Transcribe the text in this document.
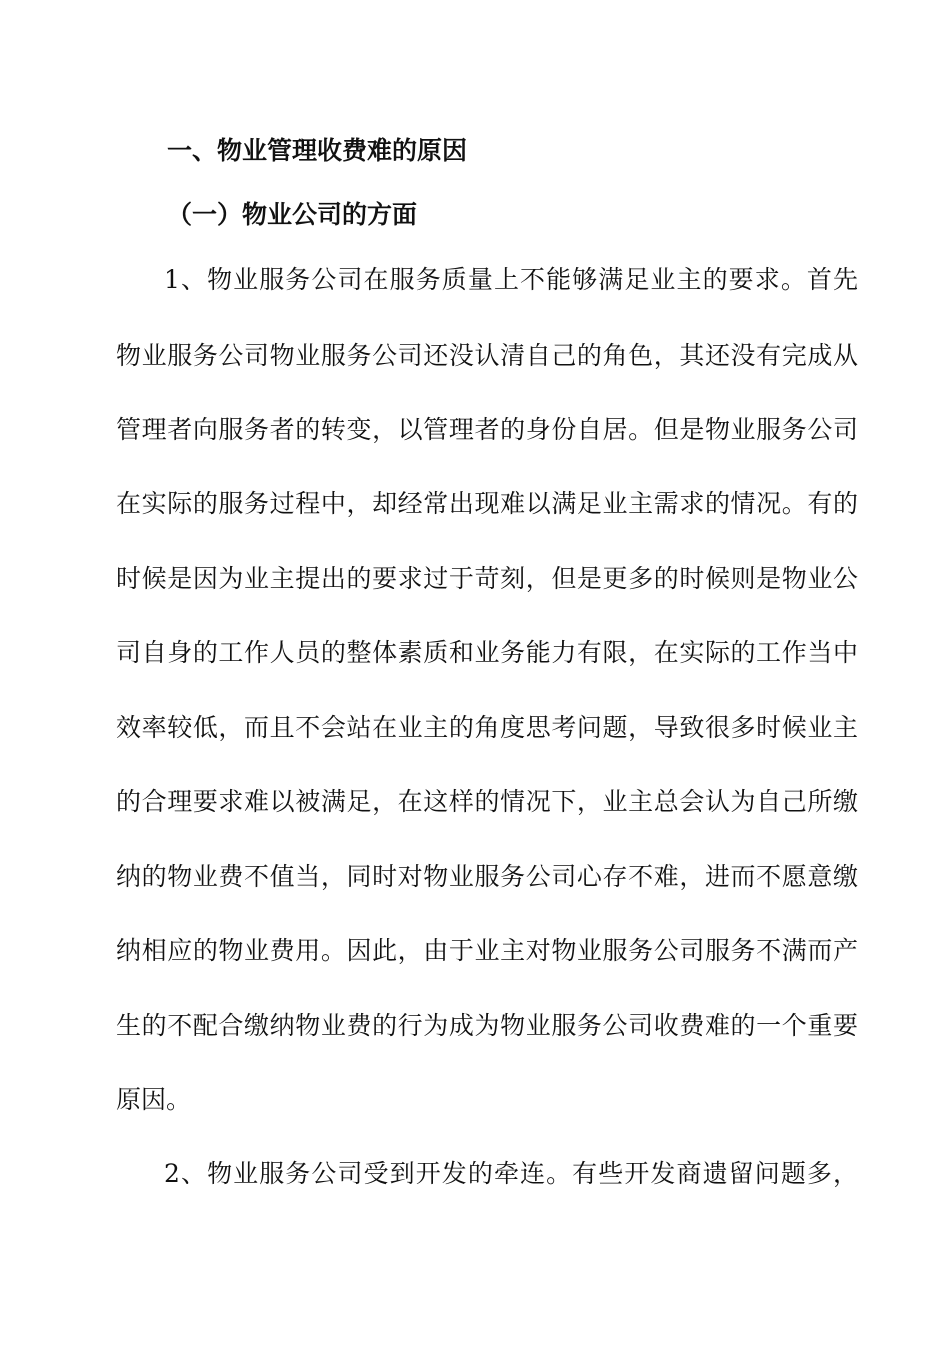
一、物业管理收费难的原因
（一）物业公司的方面
1、物业服务公司在服务质量上不能够满足业主的要求。首先
物业服务公司物业服务公司还没认清自己的角色，其还没有完成从
管理者向服务者的转变，以管理者的身份自居。但是物业服务公司
在实际的服务过程中，却经常出现难以满足业主需求的情况。有的
时候是因为业主提出的要求过于苛刻，但是更多的时候则是物业公
司自身的工作人员的整体素质和业务能力有限，在实际的工作当中
效率较低，而且不会站在业主的角度思考问题，导致很多时候业主
的合理要求难以被满足，在这样的情况下，业主总会认为自己所缴
纳的物业费不值当，同时对物业服务公司心存不难，进而不愿意缴
纳相应的物业费用。因此，由于业主对物业服务公司服务不满而产
生的不配合缴纳物业费的行为成为物业服务公司收费难的一个重要
原因。
2、物业服务公司受到开发的牵连。有些开发商遗留问题多，
